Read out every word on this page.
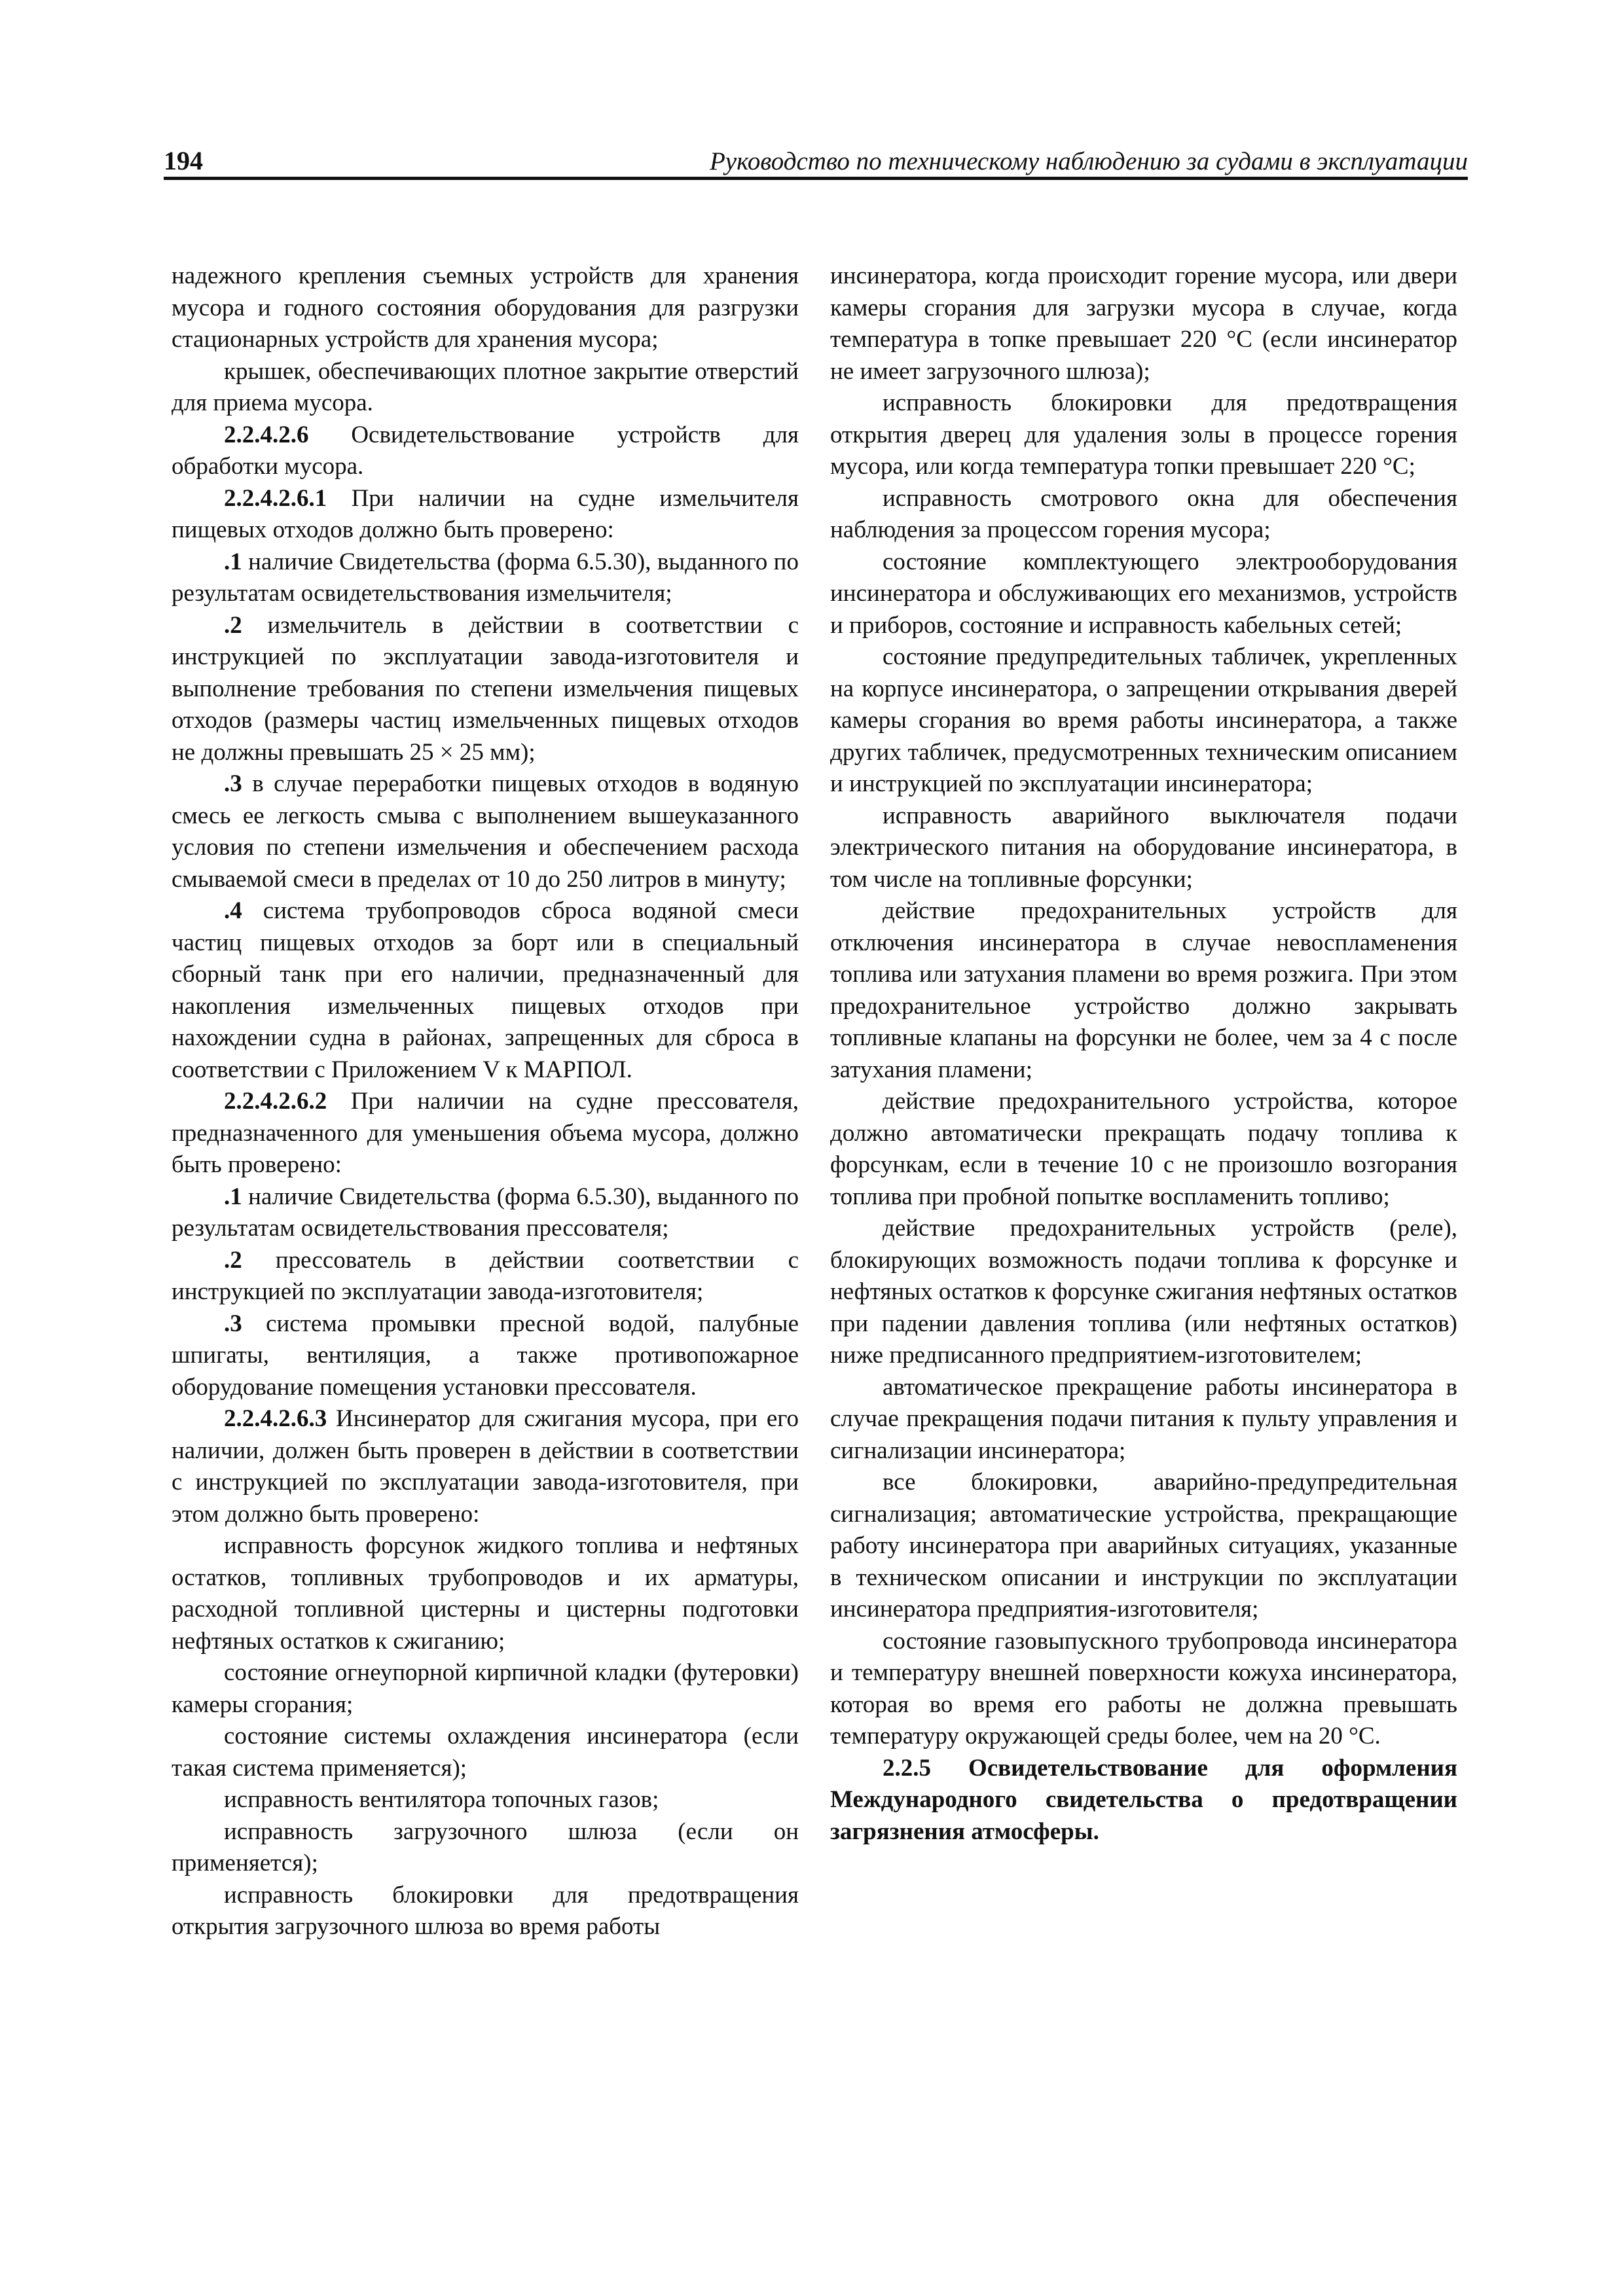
194	Руководство по техническому наблюдению за судами в эксплуатации

надежного крепления съемных устройств для хранения мусора и годного состояния оборудования для разгрузки стационарных устройств для хранения мусора;

крышек, обеспечивающих плотное закрытие отверстий для приема мусора.

2.2.4.2.6 Освидетельствование устройств для обработки мусора.

2.2.4.2.6.1 При наличии на судне измельчителя пищевых отходов должно быть проверено:

.1 наличие Свидетельства (форма 6.5.30), выданного по результатам освидетельствования измельчителя;

.2 измельчитель в действии в соответствии с инструкцией по эксплуатации завода-изготовителя и выполнение требования по степени измельчения пищевых отходов (размеры частиц измельченных пищевых отходов не должны превышать 25 × 25 мм);

.3 в случае переработки пищевых отходов в водяную смесь ее легкость смыва с выполнением вышеуказанного условия по степени измельчения и обеспечением расхода смываемой смеси в пределах от 10 до 250 литров в минуту;

.4 система трубопроводов сброса водяной смеси частиц пищевых отходов за борт или в специальный сборный танк при его наличии, предназначенный для накопления измельченных пищевых отходов при нахождении судна в районах, запрещенных для сброса в соответствии с Приложением V к МАРПОЛ.

2.2.4.2.6.2 При наличии на судне прессователя, предназначенного для уменьшения объема мусора, должно быть проверено:

.1 наличие Свидетельства (форма 6.5.30), выданного по результатам освидетельствования прессователя;

.2 прессователь в действии соответствии с инструкцией по эксплуатации завода-изготовителя;

.3 система промывки пресной водой, палубные шпигаты, вентиляция, а также противопожарное оборудование помещения установки прессователя.

2.2.4.2.6.3 Инсинератор для сжигания мусора, при его наличии, должен быть проверен в действии в соответствии с инструкцией по эксплуатации завода-изготовителя, при этом должно быть проверено:

исправность форсунок жидкого топлива и нефтяных остатков, топливных трубопроводов и их арматуры, расходной топливной цистерны и цистерны подготовки нефтяных остатков к сжиганию;

состояние огнеупорной кирпичной кладки (футеровки) камеры сгорания;

состояние системы охлаждения инсинератора (если такая система применяется);

исправность вентилятора топочных газов;

исправность загрузочного шлюза (если он применяется);

исправность блокировки для предотвращения открытия загрузочного шлюза во время работы

инсинератора, когда происходит горение мусора, или двери камеры сгорания для загрузки мусора в случае, когда температура в топке превышает 220 °C (если инсинератор не имеет загрузочного шлюза);

исправность блокировки для предотвращения открытия дверец для удаления золы в процессе горения мусора, или когда температура топки превышает 220 °C;

исправность смотрового окна для обеспечения наблюдения за процессом горения мусора;

состояние комплектующего электрооборудования инсинератора и обслуживающих его механизмов, устройств и приборов, состояние и исправность кабельных сетей;

состояние предупредительных табличек, укрепленных на корпусе инсинератора, о запрещении открывания дверей камеры сгорания во время работы инсинератора, а также других табличек, предусмотренных техническим описанием и инструкцией по эксплуатации инсинератора;

исправность аварийного выключателя подачи электрического питания на оборудование инсинератора, в том числе на топливные форсунки;

действие предохранительных устройств для отключения инсинератора в случае невоспламенения топлива или затухания пламени во время розжига. При этом предохранительное устройство должно закрывать топливные клапаны на форсунки не более, чем за 4 с после затухания пламени;

действие предохранительного устройства, которое должно автоматически прекращать подачу топлива к форсункам, если в течение 10 с не произошло возгорания топлива при пробной попытке воспламенить топливо;

действие предохранительных устройств (реле), блокирующих возможность подачи топлива к форсунке и нефтяных остатков к форсунке сжигания нефтяных остатков при падении давления топлива (или нефтяных остатков) ниже предписанного предприятием-изготовителем;

автоматическое прекращение работы инсинератора в случае прекращения подачи питания к пульту управления и сигнализации инсинератора;

все блокировки, аварийно-предупредительная сигнализация; автоматические устройства, прекращающие работу инсинератора при аварийных ситуациях, указанные в техническом описании и инструкции по эксплуатации инсинератора предприятия-изготовителя;

состояние газовыпускного трубопровода инсинератора и температуру внешней поверхности кожуха инсинератора, которая во время его работы не должна превышать температуру окружающей среды более, чем на 20 °C.

2.2.5 Освидетельствование для оформления Международного свидетельства о предотвращении загрязнения атмосферы.
